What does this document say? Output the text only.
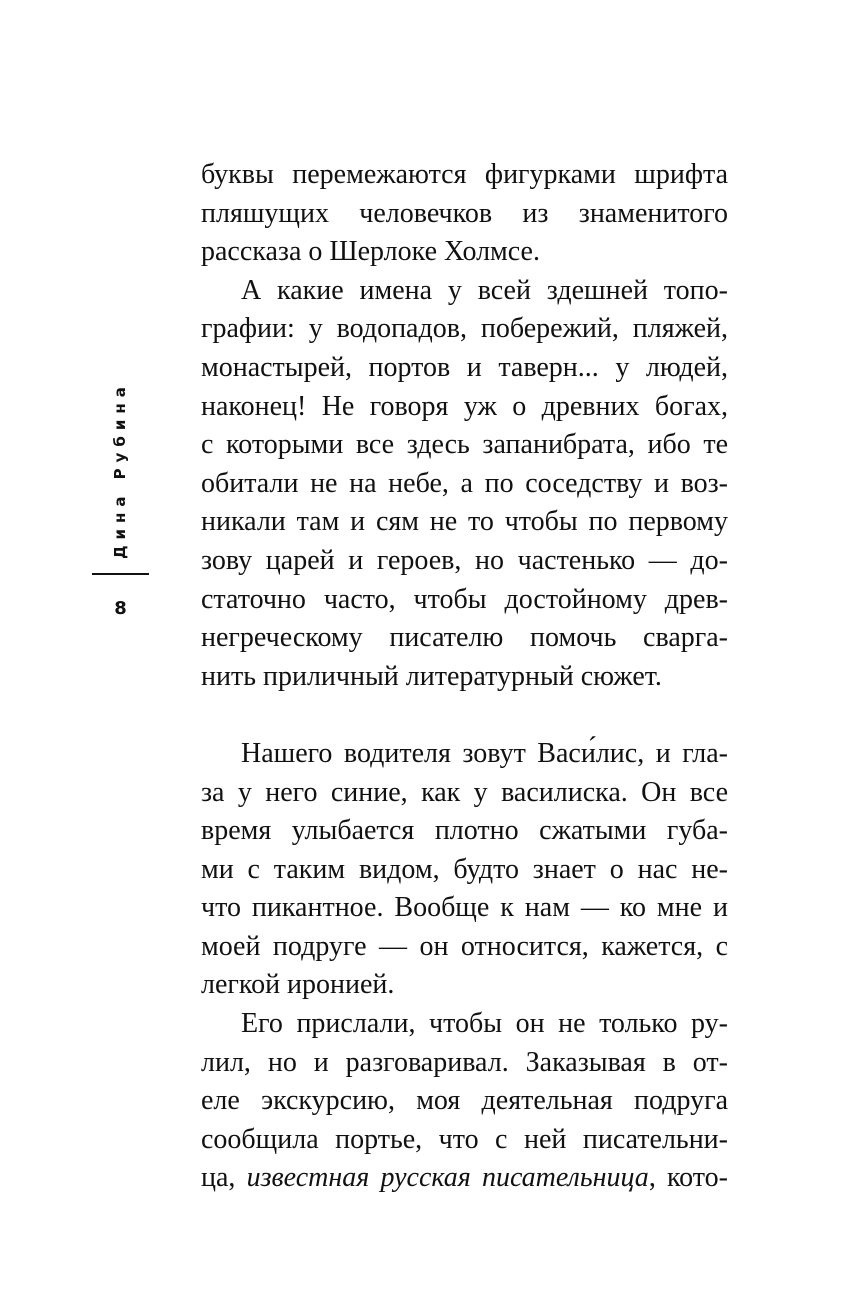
Дина Рубина
8
буквы перемежаются фигурками шрифта
пляшущих человечков из знаменитого
рассказа о Шерлоке Холмсе.
А какие имена у всей здешней топо-
графии: у водопадов, побережий, пляжей,
монастырей, портов и таверн... у людей,
наконец! Не говоря уж о древних богах,
с которыми все здесь запанибрата, ибо те
обитали не на небе, а по соседству и воз-
никали там и сям не то чтобы по первому
зову царей и героев, но частенько — до-
статочно часто, чтобы достойному древ-
негреческому писателю помочь сварга-
нить приличный литературный сюжет.
Нашего водителя зовут Васи́лис, и гла-
за у него синие, как у василиска. Он все
время улыбается плотно сжатыми губа-
ми с таким видом, будто знает о нас не-
что пикантное. Вообще к нам — ко мне и
моей подруге — он относится, кажется, с
легкой иронией.
Его прислали, чтобы он не только ру-
лил, но и разговаривал. Заказывая в от-
еле экскурсию, моя деятельная подруга
сообщила портье, что с ней писательни-
ца, известная русская писательница, кото-
